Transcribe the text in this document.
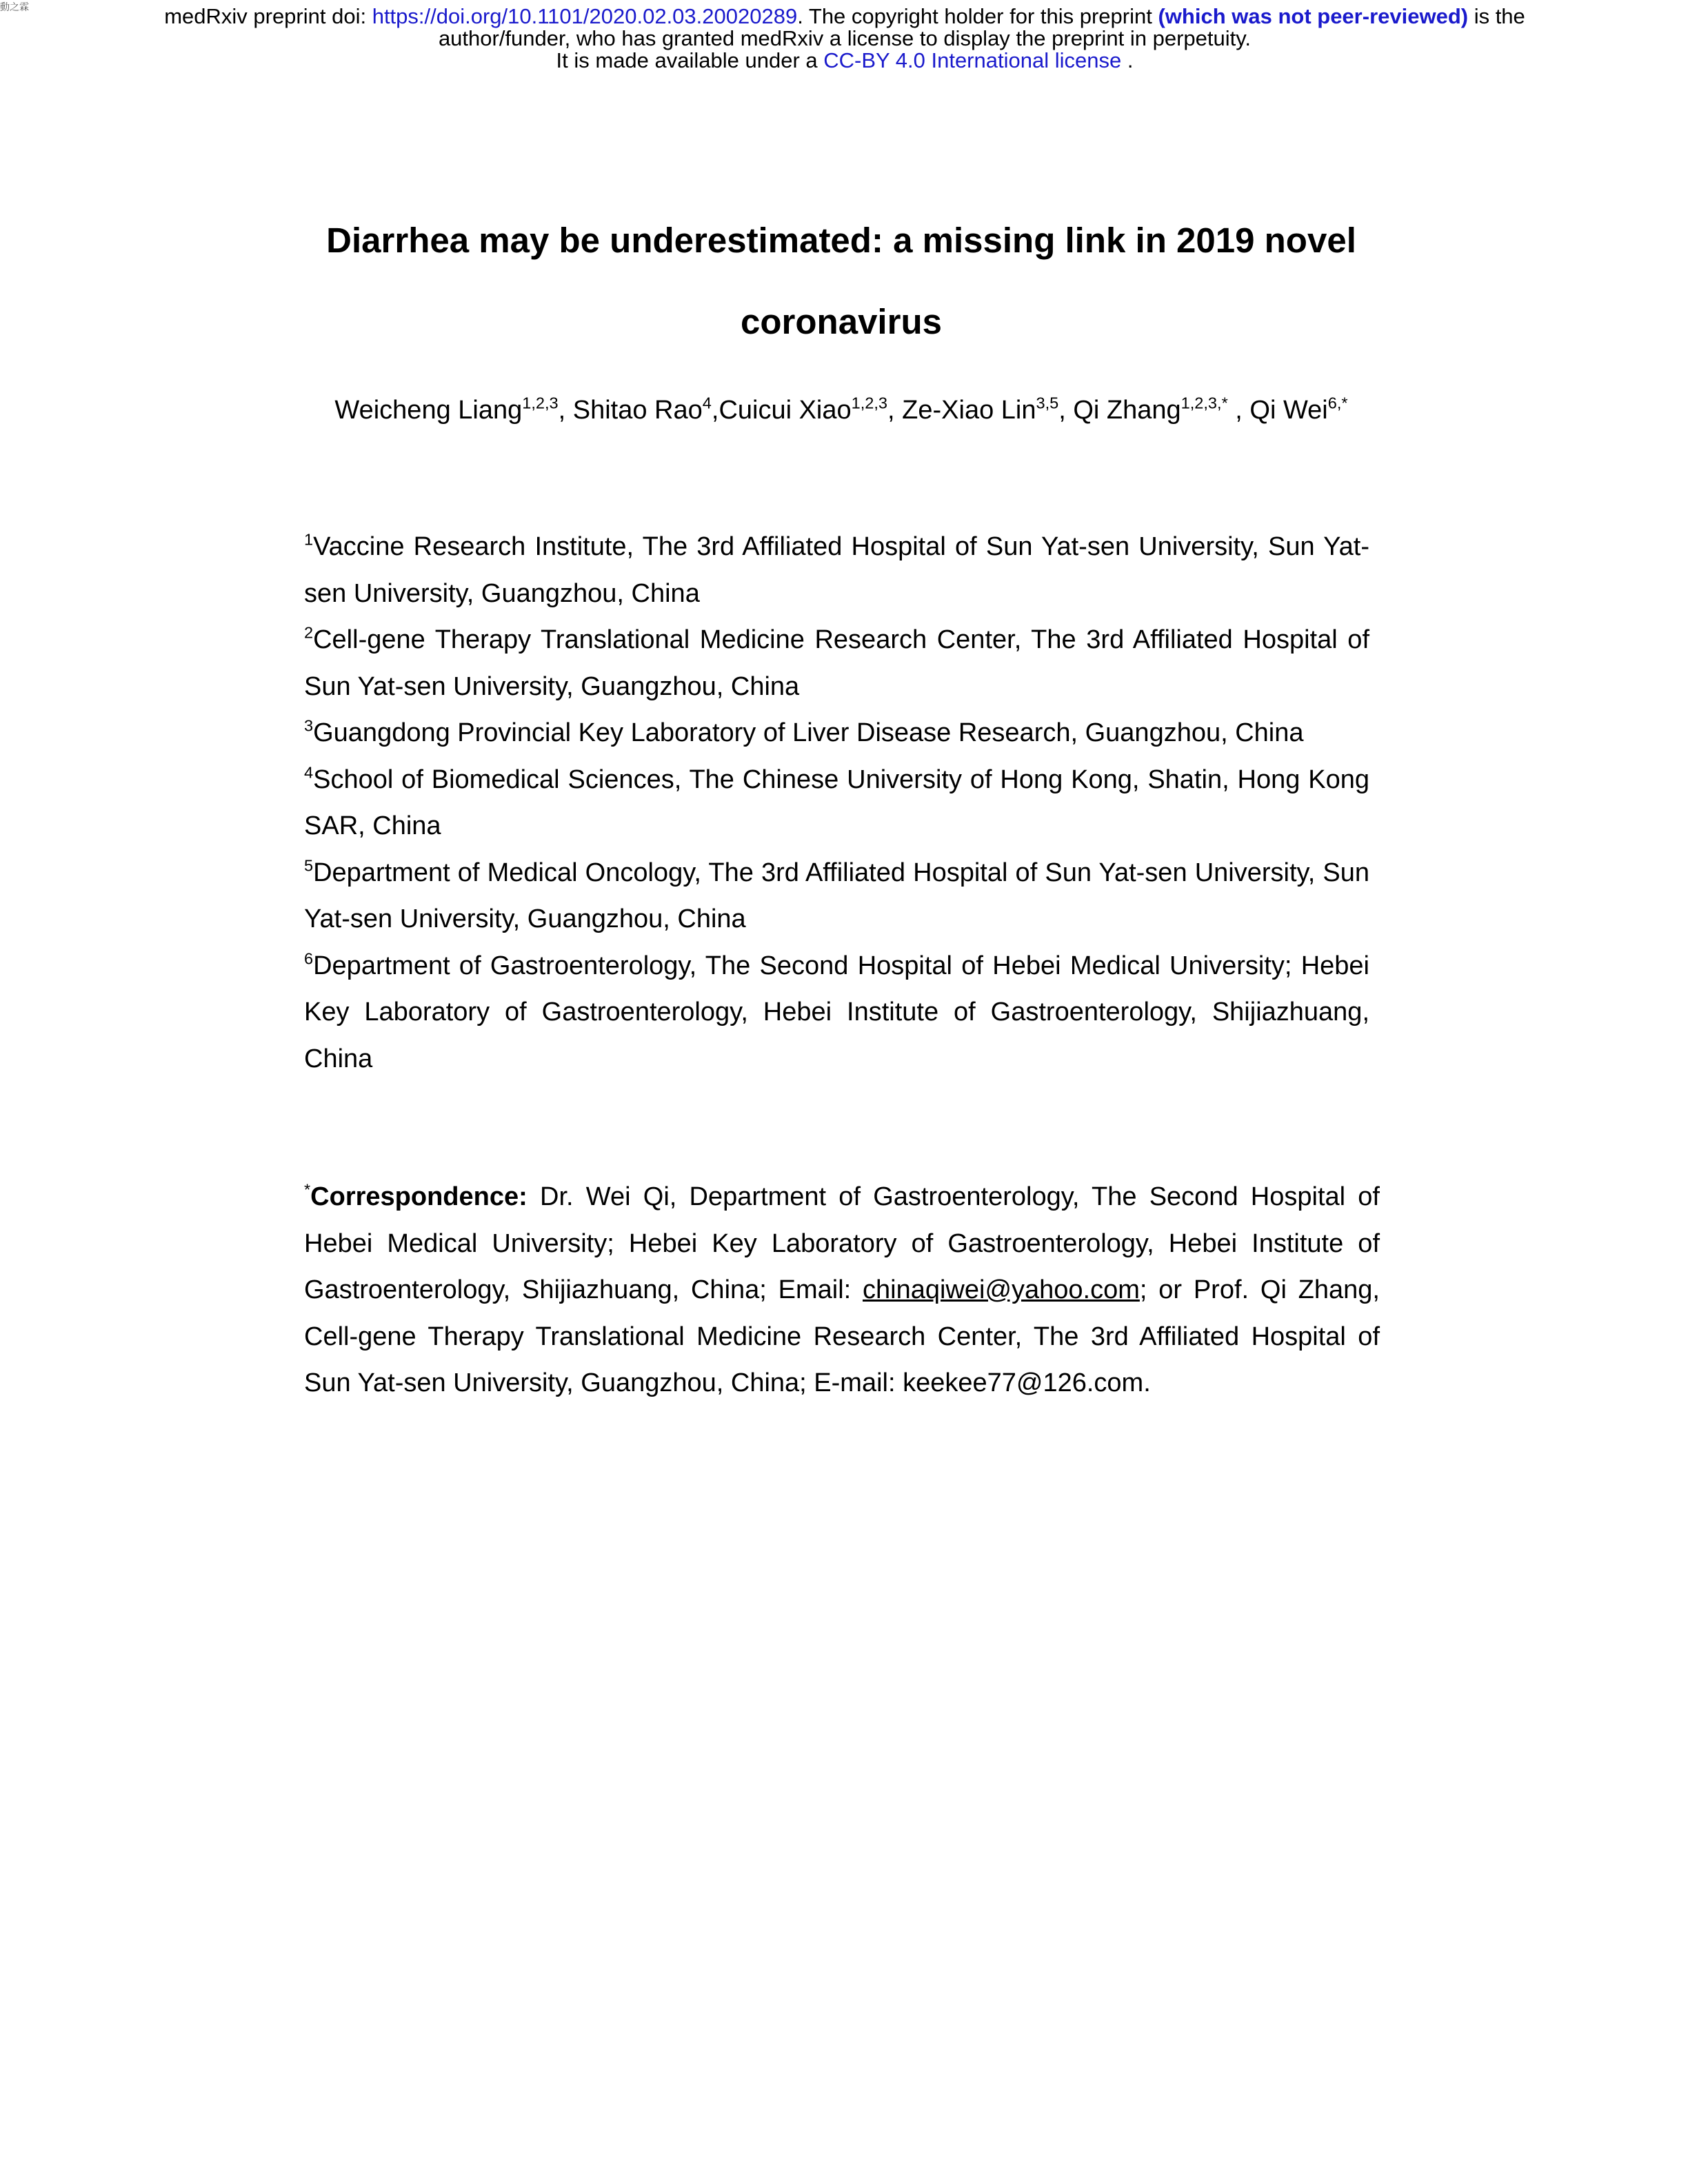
動之霖	medRxiv preprint doi: https://doi.org/10.1101/2020.02.03.20020289. The copyright holder for this preprint (which was not peer-reviewed) is the
author/funder, who has granted medRxiv a license to display the preprint in perpetuity.
It is made available under a CC-BY 4.0 International license .
Diarrhea may be underestimated: a missing link in 2019 novel
coronavirus
Weicheng Liang$^{1,2,3}$, Shitao Rao$^4$,Cuicui Xiao$^{1,2,3}$, Ze-Xiao Lin$^{3,5}$, Qi Zhang$^{1,2,3,*}$ , Qi Wei$^{6,*}$
$^1$Vaccine Research Institute, The 3rd Affiliated Hospital of Sun Yat-sen University, Sun Yat-sen University, Guangzhou, China
$^2$Cell-gene Therapy Translational Medicine Research Center, The 3rd Affiliated Hospital of Sun Yat-sen University, Guangzhou, China
$^3$Guangdong Provincial Key Laboratory of Liver Disease Research, Guangzhou, China
$^4$School of Biomedical Sciences, The Chinese University of Hong Kong, Shatin, Hong Kong SAR, China
$^5$Department of Medical Oncology, The 3rd Affiliated Hospital of Sun Yat-sen University, Sun Yat-sen University, Guangzhou, China
$^6$Department of Gastroenterology, The Second Hospital of Hebei Medical University; Hebei Key Laboratory of Gastroenterology, Hebei Institute of Gastroenterology, Shijiazhuang, China
*Correspondence: Dr. Wei Qi, Department of Gastroenterology, The Second Hospital of Hebei Medical University; Hebei Key Laboratory of Gastroenterology, Hebei Institute of Gastroenterology, Shijiazhuang, China; Email: chinaqiwei@yahoo.com; or Prof. Qi Zhang, Cell-gene Therapy Translational Medicine Research Center, The 3rd Affiliated Hospital of Sun Yat-sen University, Guangzhou, China; E-mail: keekee77@126.com.
